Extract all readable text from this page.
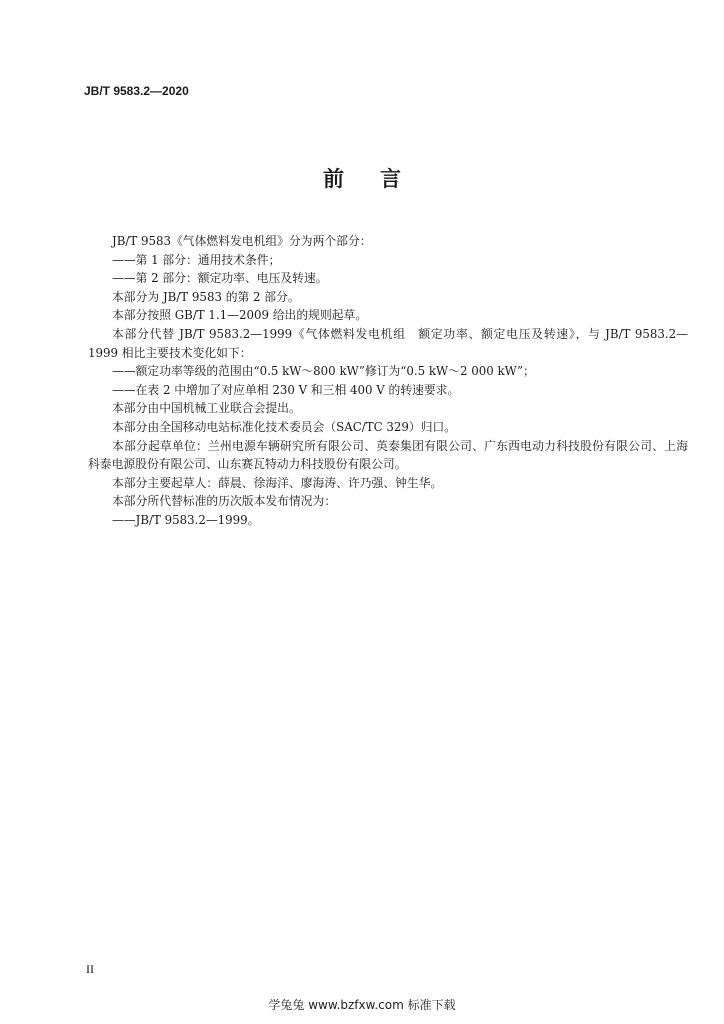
JB/T 9583.2—2020
前 言

JB/T 9583《气体燃料发电机组》分为两个部分：

——第 1 部分：通用技术条件；

——第 2 部分：额定功率、电压及转速。

本部分为 JB/T 9583 的第 2 部分。

本部分按照 GB/T 1.1—2009 给出的规则起草。

本部分代替 JB/T 9583.2—1999《气体燃料发电机组　额定功率、额定电压及转速》，与 JB/T 9583.2—1999 相比主要技术变化如下：

——额定功率等级的范围由“0.5 kW～800 kW”修订为“0.5 kW～2 000 kW”；

——在表 2 中增加了对应单相 230 V 和三相 400 V 的转速要求。

本部分由中国机械工业联合会提出。

本部分由全国移动电站标准化技术委员会（SAC/TC 329）归口。

本部分起草单位：兰州电源车辆研究所有限公司、英泰集团有限公司、广东西电动力科技股份有限公司、上海科泰电源股份有限公司、山东赛瓦特动力科技股份有限公司。

本部分主要起草人：薛晨、徐海洋、廖海涛、许乃强、钟生华。

本部分所代替标准的历次版本发布情况为：

——JB/T 9583.2—1999。

II
学兔兔 www.bzfxw.com 标准下载
